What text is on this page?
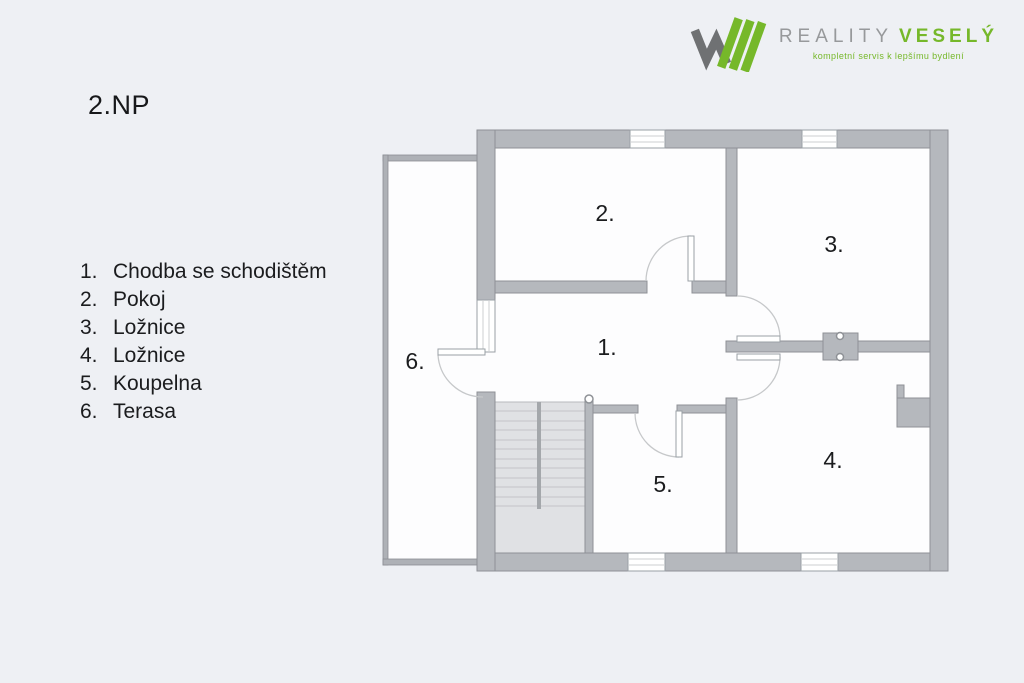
2.NP
1. Chodba se schodištěm
2. Pokoj
3. Ložnice
4. Ložnice
5. Koupelna
6. Terasa
REALITY VESELÝ
kompletní servis k lepšímu bydlení
1.
2.
3.
4.
5.
6.
